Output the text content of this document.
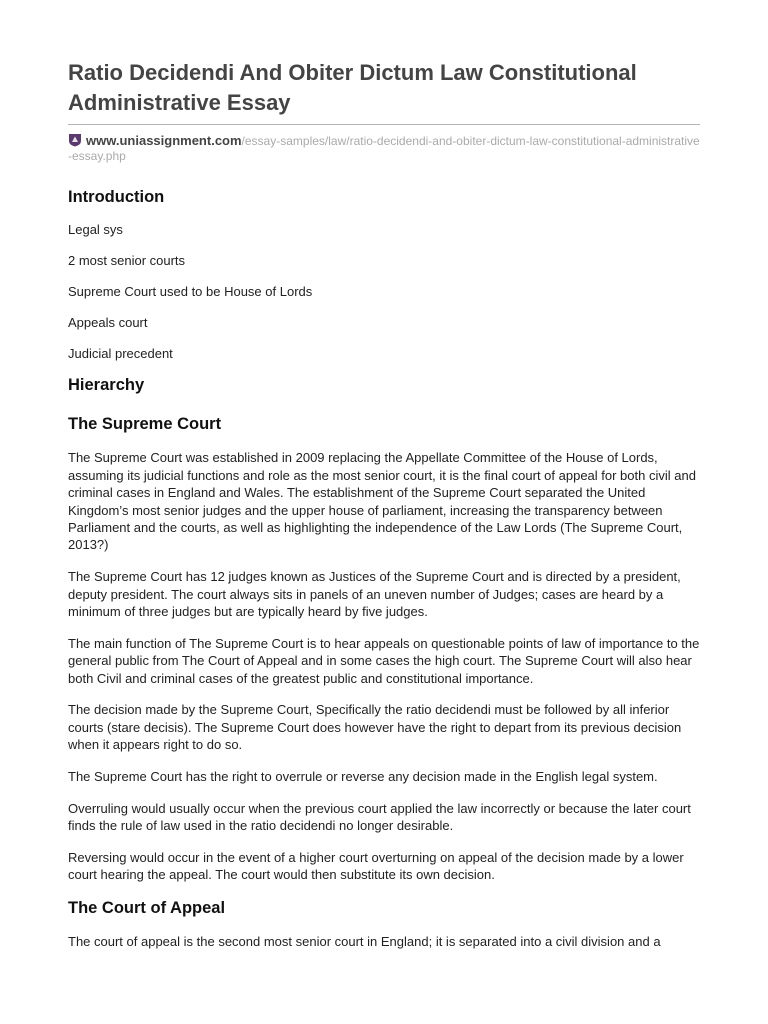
Ratio Decidendi And Obiter Dictum Law Constitutional Administrative Essay
www.uniassignment.com/essay-samples/law/ratio-decidendi-and-obiter-dictum-law-constitutional-administrative-essay.php
Introduction

Legal sys

2 most senior courts

Supreme Court used to be House of Lords

Appeals court

Judicial precedent

Hierarchy
The Supreme Court

The Supreme Court was established in 2009 replacing the Appellate Committee of the House of Lords, assuming its judicial functions and role as the most senior court, it is the final court of appeal for both civil and criminal cases in England and Wales. The establishment of the Supreme Court separated the United Kingdom’s most senior judges and the upper house of parliament, increasing the transparency between Parliament and the courts, as well as highlighting the independence of the Law Lords (The Supreme Court, 2013?)

The Supreme Court has 12 judges known as Justices of the Supreme Court and is directed by a president, deputy president. The court always sits in panels of an uneven number of Judges; cases are heard by a minimum of three judges but are typically heard by five judges.

The main function of The Supreme Court is to hear appeals on questionable points of law of importance to the general public from The Court of Appeal and in some cases the high court. The Supreme Court will also hear both Civil and criminal cases of the greatest public and constitutional importance.

The decision made by the Supreme Court, Specifically the ratio decidendi must be followed by all inferior courts (stare decisis). The Supreme Court does however have the right to depart from its previous decision when it appears right to do so.

The Supreme Court has the right to overrule or reverse any decision made in the English legal system.

Overruling would usually occur when the previous court applied the law incorrectly or because the later court finds the rule of law used in the ratio decidendi no longer desirable.

Reversing would occur in the event of a higher court overturning on appeal of the decision made by a lower court hearing the appeal. The court would then substitute its own decision.

The Court of Appeal

The court of appeal is the second most senior court in England; it is separated into a civil division and a
